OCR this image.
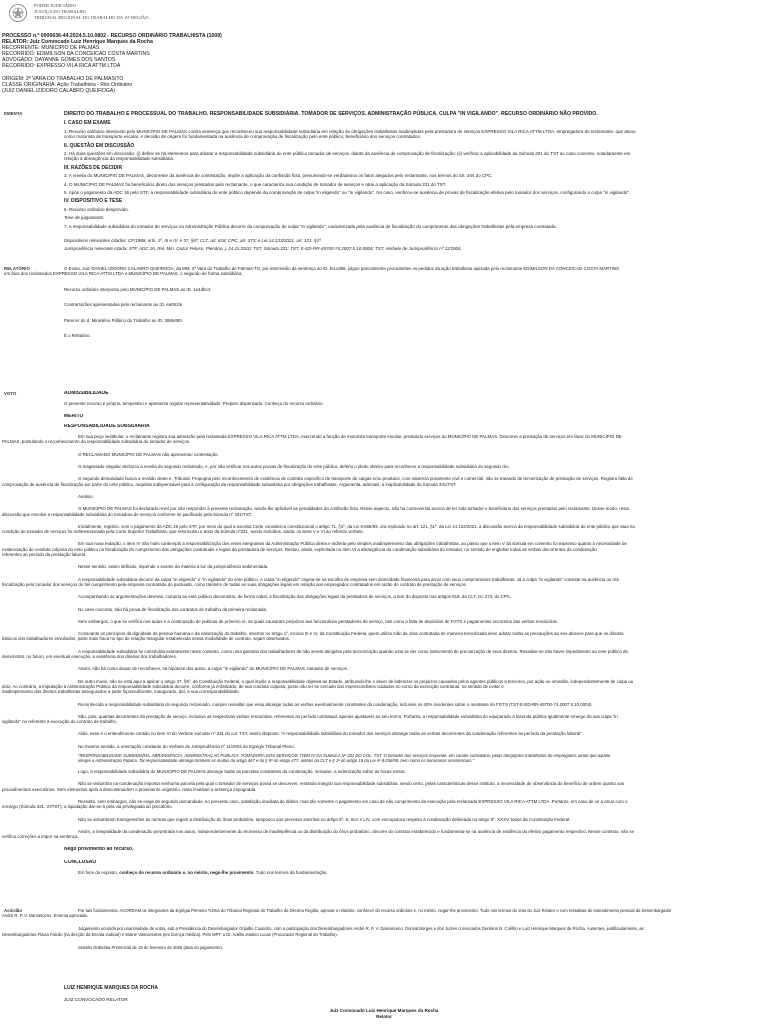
PODER JUDICIÁRIO
JUSTIÇA DO TRABALHO
TRIBUNAL REGIONAL DO TRABALHO DA 10ª REGIÃO
PROCESSO n.º 0000636-44.2024.5.10.0802 - RECURSO ORDINÁRIO TRABALHISTA (1009)
RELATOR: Juiz Convocado Luiz Henrique Marques da Rocha
RECORRENTE: MUNICIPIO DE PALMAS
RECORRIDO: EDIMILSON DA CONCEICAO COSTA MARTINS
ADVOGADO: DAYANNE GOMES DOS SANTOS
RECORRIDO: EXPRESSO VILA RICA ATTM LTDA
ORIGEM: 2ª VARA DO TRABALHO DE PALMAS/TO
CLASSE ORIGINÁRIA: Ação Trabalhista - Rito Ordinário
(JUIZ DANIEL IZIDORO CALABRO QUEIROGA)
EMENTA	DIREITO DO TRABALHO E PROCESSUAL DO TRABALHO. RESPONSABILIDADE SUBSIDIÁRIA. TOMADOR DE SERVIÇOS. ADMINISTRAÇÃO PÚBLICA. CULPA "IN VIGILANDO". RECURSO ORDINÁRIO NÃO PROVIDO.

I. CASO EM EXAME

1. Recurso ordinário interposto pelo MUNICÍPIO DE PALMAS contra sentença que reconheceu sua responsabilidade subsidiária em relação às obrigações trabalhistas inadimplidas pela prestadora de serviços EXPRESSO VILA RICA ATTM LTDA, empregadora do reclamante, que atuou

como motorista de transporte escolar. A decisão de origem foi fundamentada na ausência de comprovação de fiscalização pelo ente público, beneficiário dos serviços contratados.

II. QUESTÃO EM DISCUSSÃO

2. Há duas questões em discussão: (i) definir se há elementos para afastar a responsabilidade subsidiária do ente público tomador de serviços, diante da ausência de comprovação de fiscalização; (ii) verificar a aplicabilidade da Súmula 331 do TST ao caso concreto, notadamente em

relação à abrangência da responsabilidade subsidiária.

III. RAZÕES DE DECIDIR

3. A revelia do MUNICÍPIO DE PALMAS, decorrente da ausência de contestação, impõe a aplicação da confissão ficta, presumindo-se verdadeiros os fatos alegados pelo reclamante, nos termos do art. 344 do CPC.

4. O MUNICÍPIO DE PALMAS foi beneficiário direto dos serviços prestados pelo reclamante, o que caracteriza sua condição de tomador de serviços e atrai a aplicação da Súmula 331 do TST.

5. Após o julgamento da ADC 16 pelo STF, a responsabilidade subsidiária do ente público depende da comprovação de culpa "in eligendo" ou "in vigilando". No caso, verificou-se ausência de provas de fiscalização efetiva pelo tomador dos serviços, configurando a culpa "in vigilando".

IV. DISPOSITIVO E TESE

6. Recurso ordinário desprovido.

Tese de julgamento:

7. A responsabilidade subsidiária do tomador de serviços na Administração Pública decorre da comprovação de culpa "in vigilando", caracterizada pela ausência de fiscalização do cumprimento das obrigações trabalhistas pela empresa contratada.

Dispositivos relevantes citados: CF/1988, arts. 1º, III e IV, e 37, §6º; CLT, art. 818; CPC, art. 373; e Lei 14.133/2021, art. 121, §1º.

Jurisprudência relevante citada: STF, ADC 16, Rel. Min. Cezar Peluso, Plenário, j. 24.11.2010; TST, Súmula 331; TST, E-ED-RR-45700-74.2007.5.10.0004; TST, Verbete de Jurisprudência nº 11/2004.

RELATÓRIO	O Exmo. Juiz DANIEL IZIDORO CALABRO QUEIROGA, da MM. 2ª Vara do Trabalho de Palmas-TO, por intermédio da sentença ao ID. fe1cd96, julgou parcialmente procedentes os pedidos da ação trabalhista ajuizada pelo reclamante EDIMILSON DA CONCEICAO COSTA MARTINS

em face dos reclamados EXPRESSO VILA RICA ATTM LTDA e MUNICÍPIO DE PALMAS, o segundo de forma subsidiária.

Recurso ordinário interposto pelo MUNICÍPIO DE PALMAS ao ID. 1e4dbc4.

Contrarrazões apresentadas pelo reclamante ao ID. ea061fe.

Parecer do d. Ministério Público do Trabalho ao ID. 3886490.

É o Relatório.

VOTO	ADMISSIBILIDADE

O presente recurso é próprio, tempestivo e apresenta regular representatividade. Preparo dispensado. Conheço do recurso ordinário.

MÉRITO

RESPONSABILIDADE SUBSIDIÁRIA

Em sua peça vestibular, o reclamante registra sua admissão pela reclamada EXPRESSO VILA RICA ATTM LTDA, exercendo a função de motorista transporte escolar, prestando serviços ao MUNICÍPIO DE PALMAS. Descreve a prestação de serviços em favor do MUNICÍPIO DE

PALMAS, postulando o reconhecimento da responsabilidade subsidiária do tomador de serviços.

O RECLAMADO MUNICÍPIO DE PALMAS não apresentou contestação.

O magistrado singular declarou a revelia do segundo reclamado, e, por não verificar nos autos provas de fiscalização do ente público, deferiu o pleito obreiro para reconhecer a responsabilidade subsidiária do segundo réu.

O segundo demandado busca a revisão deste e. Tribunal. Propugna pelo reconhecimento de existência de contrato específico de transporte de cargas e/ou produtos, com natureza puramente civil e comercial, não se tratando de terceirização de prestação de serviços. Registra falta de

comprovação de ausência de fiscalização por parte do ente público, requisito indispensável para a configuração da responsabilidade subsidiária por obrigações trabalhistas. Argumenta, ademais, a inaplicabilidade da Súmula 331/TST.

Analiso.

O MUNICÍPIO DE PALMAS foi declarado revel por não responder à presente reclamação, sendo-lhe aplicável as penalidades da confissão ficta. Nesse aspecto, não há controvérsia acerca de ter sido tomador e beneficiário dos serviços prestados pelo reclamante. Desse modo, resta

discussão que envolve a responsabilidade subsidiária do tomadora de serviços conforme se pacificado pela Súmula nº 331/TST.

Inicialmente, registro, com o julgamento da ADC 16 pelo STF, por meio do qual a excelsa Corte considerou constitucional o artigo 71, §1º, da Lei 8.666/93, ora replicado no art. 121, §1º, da Lei 14.133/2021, a discussão acerca da responsabilidade subsidiária do ente público que atua na

condição de tomador de serviços foi redimensionada pela Corte Superior Trabalhista, que reformulou o texto da Súmula nº331, sendo incluídos, ainda, os itens V e VI ao referido verbete.

Em sua nova redação, o item IV não mais contempla a responsabilização dos entes integrantes da Administração Pública direta e indireta pelo simples inadimplemento das obrigações trabalhistas, ao passo que o item V da súmula em comento foi expresso quanto à necessidade de

evidenciação de conduta culposa do ente público na fiscalização do cumprimento das obrigações contratuais e legais da prestadora de serviços. Restou, ainda, explicitada no item VI a abrangência da condenação subsidiária do tomador, no sentido de englobar todas as verbas decorrentes da condenação

referentes ao período da prestação laboral.

Nesse sentido, assim definido, impende o exame da matéria à luz da jurisprudência sedimentada.

A responsabilidade subsidiária decorre da culpa "in eligendo" e "in vigilando" do ente público. A culpa "in eligendo" origina-se na escolha de empresa sem idoneidade financeira para arcar com seus compromissos trabalhistas. Já a culpa "in vigilando" consiste na ausência ou má

fiscalização pelo tomador dos serviços do fiel cumprimento pela empresa contratada do pactuado, como também de todas as suas obrigações legais em relação aos empregados contratados em razão do contrato de prestação de serviços.

Acompanhando as argumentações deveras, cumpria ao ente público demonstrar, de forma cabal, a fiscalização das obrigações legais da prestadora de serviços, a teor do disposto nos artigos 818, da CLT, c/c 373, do CPC.

No caso concreto, não há prova de fiscalização dos contratos de trabalho da primeira reclamada.

Sem embargos, o que se verifica nos autos é a continuação de práticas de primeiro ré, as quais causaram prejuízos aos funcionários prestadores de serviço, tais como a falta de depósitos de FGTS e pagamentos incorretos das verbas rescisórias.

Consoante os princípios da dignidade da pessoa humana e da valorização do trabalho, insertos no artigo 1º, incisos III e IV, da Constituição Federal, quem utiliza mão de obra contratada de maneira terceirizada deve adotar todas as precauções ao seu alcance para que os direitos

básicos dos trabalhadores envolvidos, parte mais fraca no tipo de relação triangular estabelecida nessa modalidade de contrato, sejam observados.

A responsabilidade subsidiária foi construída exatamente neste contexto, como uma garantia dos trabalhadores de não serem atingidos pela terceirização quando esta se der como instrumento de precarização de seus direitos. Ressalve-se não haver impedimento ao ente público de,

demonstrar, no futuro, em eventual execução, a existência dos direitos dos trabalhadores.

Assim, não há como deixar de reconhecer, na hipótese dos autos, a culpa "in vigilando" do MUNICÍPIO DE PALMAS, tomador de serviços.

De outro modo, não se está aqui a aplicar o artigo 37, §6º, da Constituição Federal, o qual impõe a responsabilidade objetiva ao Estado, atribuindo-lhe o dever de indenizar os prejuízos causados pelos agentes públicos a terceiros, por ação ou omissão, independentemente de culpa ou

dolo. Ao contrário, a imputação à Administração Pública da responsabilidade subsidiária decorre, conforme já enfatizado, de sua conduta culposa, posto não ter se cercado dos imprescindíveis cuidados no curso da execução contratual, no sentido de evitar o

inadimplemento dos direitos trabalhistas assegurados à parte hipossuficiente, inaugurado, daí, a sua correspondabilidade.

Reconhecida a responsabilidade subsidiária do segundo reclamado, cumpre ressaltar que essa abrange todas as verbas eventualmente constantes da condenação, inclusive os 40% incidentes sobre o montante do FGTS (TST-E-ED-RR-45700-74.2007.5.10.0004).

São, pois, quantas decorrentes da prestação de serviço, inclusive as respectivas verbas rescisórias, referentes ao período contratual, apenas ajustaveis ao seu termo. Portanto, a responsabilidade subsidiária do equiparado à fazenda pública igualmente emerge da sua culpa "in

vigilando" no referente à execução do contrato de trabalho.

Aliás, esse é o entendimento contido no item VI do Verbete sumular nº 331 do col. TST, assim disposto: "A responsabilidade subsidiária do tomador dos serviços abrange todas as verbas decorrentes da condenação referentes ao período da prestação laboral".

No mesmo sentido, a orientação constante do Verbete de Jurisprudência nº 11/2004 do Egrégio Tribunal Pleno:

"RESPONSABILIDADE SUBSIDIÁRIA. ABRANGÊNCIA. ADMINISTRAÇÃO PÚBLICA. TOMADORA DOS SERVIÇOS. ITEM IV DA SÚMULA Nº 331 DO COL. TST. O tomador dos serviços responde, em caráter subsidiário, pelas obrigações trabalhistas do empregador, ainda que aquele

integre a Administração Pública. Tal responsabilidade abrange também as multas do artigo 467 e do § 8º do artigo 477, ambos da CLT e § 1º do artigo 18 da Lei nº 8.036/90, bem como os honorários assistenciais."

Logo, a responsabilidade subsidiária do MUNICÍPIO DE PALMAS abrange todas as parcelas constantes da condenação, inclusive, a indenização sobre as horas extras.

Não se vislumbra na condenação imposta nenhuma parcela pela qual o tomador de serviços possa se descrever, restando integral sua responsabilidade subsidiária, sendo certo, pelas características desse instituto, a necessidade de observância do benefício de ordem quanto aos

procedimentos executórios. Sem elementos após a descontinuidem o provimento originário, resta imutável a sentença impugnada.

Ressalto, sem embargos, não se exige do segundo demandado, no presente caso, satisfação imediata do débito, mas tão somente o pagamento em caso de não cumprimento da execução pela reclamada EXPRESSO VILA RICA ATTM LTDA. Portanto, em caso de vir a arcar com o

encargo (Súmula 331, VI/TST), a liquidação dar-se-á pela via privilegiada do precatório.

Não se vislumbram transgressões às normas que regem a distribuição do ônus probatório, tampouco aos preceitos inscritos no artigo 5º, II, XLV e LIV, com escrupuloso respeito à condenação delineada no artigo 5º, XXXV, todos da Constituição Federal.

Assim, a integralidade da condenação perpetrada nos autos, independentemente do momento de inadimplência ou da distribuição do ônus probatório, decorre do contrato estabelecido e fundamenta-se na ausência de evidência do efetivo pagamento respectivo. Nesse contexto, não se

verifica correções a impor na sentença.

Nego provimento ao recurso.

CONCLUSÃO

Em face do exposto, conheço do recurso ordinário e, no mérito, nego-lhe provimento. Tudo nos termos da fundamentação.

Acórdão	Por tais fundamentos, ACORDAM os integrantes da Egrégia Primeira Turma do Tribunal Regional do Trabalho da Décima Região, aprovar o relatório, conhecer do recurso ordinário e, no mérito, negar-lhe provimento. Tudo nos termos do voto do Juiz Relator e com ressalvas de entendimento pessoal do Desembargador

André R. P. V. Damasceno. Ementa aprovada.

Julgamento ocorrido por unanimidade de votos, sob a Presidência do Desembargador Grijalbo Coutinho, com a participação dos Desembargadores André R. P. V. Damasceno, Dorival Borges e dos Juízes convocados Denilson B. Coêlho e Luiz Henrique Marques da Rocha. Ausentes, justificadamente, as

Desembargadoras Flávia Falcão (na direção da Escola Judicial) e Elaine Vasconcelos (em licença médica). Pelo MPT, o Dr. Adélio Justino Lucas (Procurador Regional do Trabalho).

Sessão Ordinária Presencial de 19 de fevereiro de 2025 (data do julgamento).

LUIZ HENRIQUE MARQUES DA ROCHA
JUIZ CONVOCADO RELATOR
Juiz Convocado Luiz Henrique Marques da Rocha
Relator
